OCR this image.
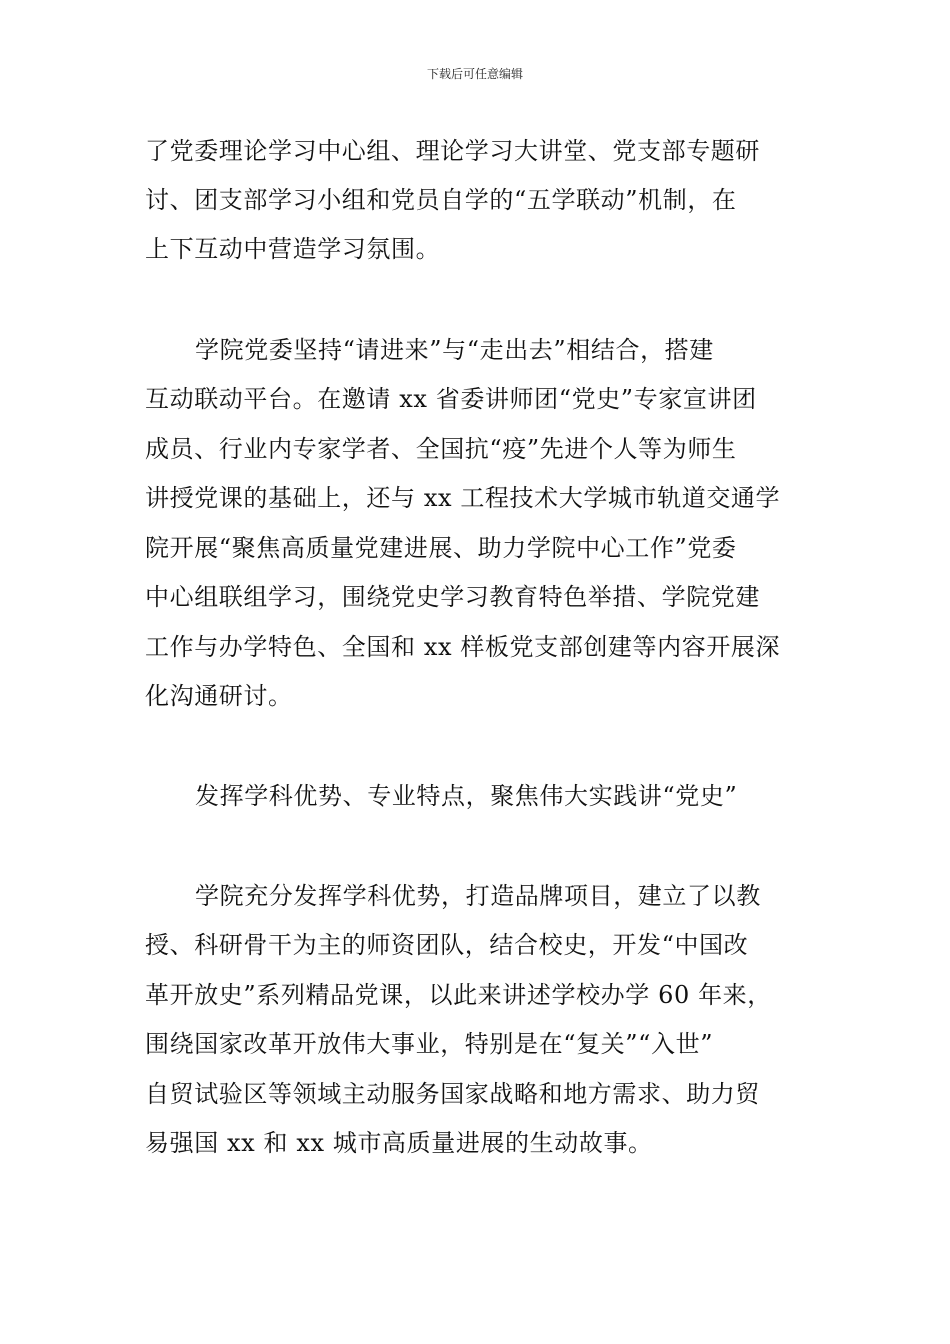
下载后可任意编辑
了党委理论学习中心组、理论学习大讲堂、党支部专题研
讨、团支部学习小组和党员自学的“五学联动”机制，在
上下互动中营造学习氛围。
学院党委坚持“请进来”与“走出去”相结合，搭建
互动联动平台。在邀请 xx 省委讲师团“党史”专家宣讲团
成员、行业内专家学者、全国抗“疫”先进个人等为师生
讲授党课的基础上，还与 xx 工程技术大学城市轨道交通学
院开展“聚焦高质量党建进展、助力学院中心工作”党委
中心组联组学习，围绕党史学习教育特色举措、学院党建
工作与办学特色、全国和 xx 样板党支部创建等内容开展深
化沟通研讨。
发挥学科优势、专业特点，聚焦伟大实践讲“党史”
学院充分发挥学科优势，打造品牌项目，建立了以教
授、科研骨干为主的师资团队，结合校史，开发“中国改
革开放史”系列精品党课，以此来讲述学校办学 60 年来，
围绕国家改革开放伟大事业，特别是在“复关”“入世”
自贸试验区等领域主动服务国家战略和地方需求、助力贸
易强国 xx 和 xx 城市高质量进展的生动故事。
